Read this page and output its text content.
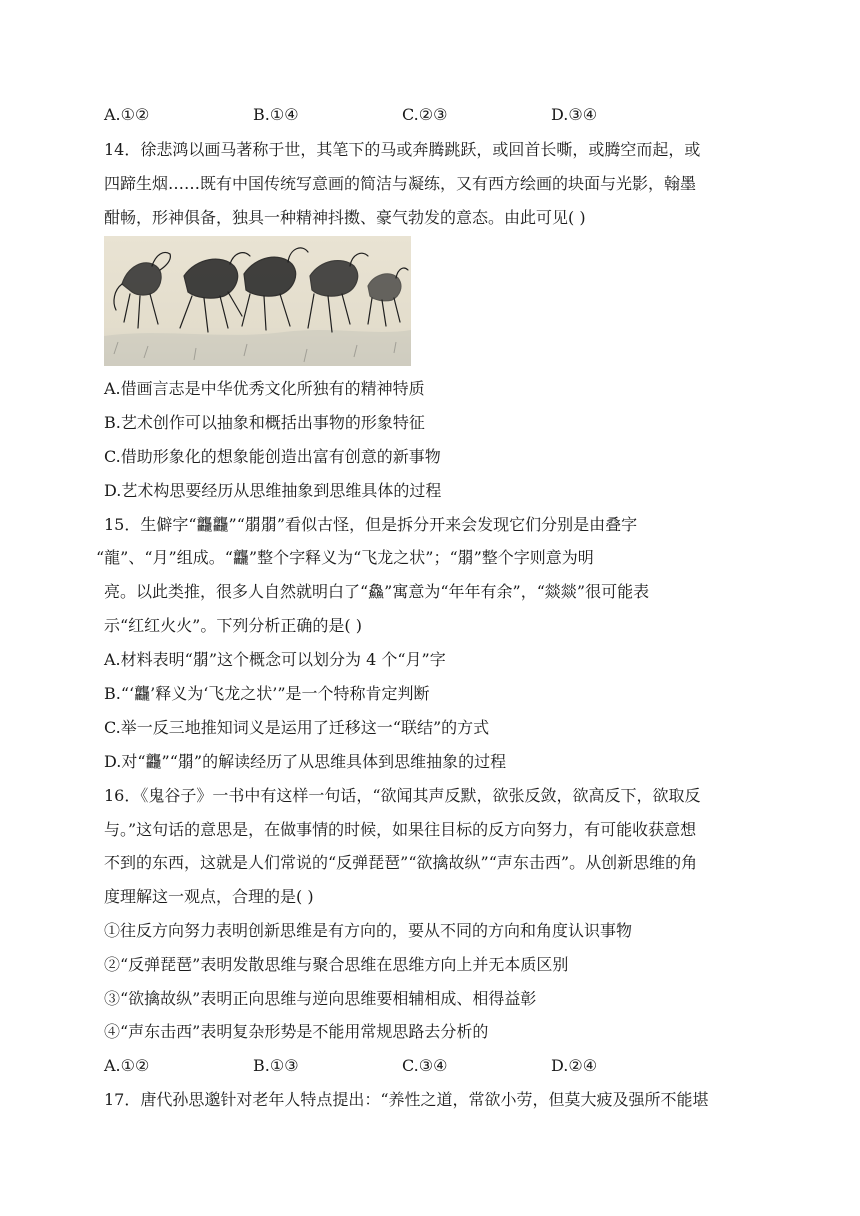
A.①②	B.①④	C.②③	D.③④
14．徐悲鸿以画马著称于世，其笔下的马或奔腾跳跃，或回首长嘶，或腾空而起，或
四蹄生烟……既有中国传统写意画的简洁与凝练，又有西方绘画的块面与光影，翰墨
酣畅，形神俱备，独具一种精神抖擞、豪气勃发的意态。由此可见( )
A.借画言志是中华优秀文化所独有的精神特质
B.艺术创作可以抽象和概括出事物的形象特征
C.借助形象化的想象能创造出富有创意的新事物
D.艺术构思要经历从思维抽象到思维具体的过程
15．生僻字“龘龘”“朤朤”看似古怪，但是拆分开来会发现它们分别是由叠字
“龍”、“月”组成。“龘”整个字释义为“飞龙之状”；“朤”整个字则意为明
亮。以此类推，很多人自然就明白了“鱻”寓意为“年年有余”，“燚燚”很可能表
示“红红火火”。下列分析正确的是( )
A.材料表明“朤”这个概念可以划分为 4 个“月”字
B.“‘龘’释义为‘飞龙之状’”是一个特称肯定判断
C.举一反三地推知词义是运用了迁移这一“联结”的方式
D.对“龘”“朤”的解读经历了从思维具体到思维抽象的过程
16．《鬼谷子》一书中有这样一句话，“欲闻其声反默，欲张反敛，欲高反下，欲取反
与。”这句话的意思是，在做事情的时候，如果往目标的反方向努力，有可能收获意想
不到的东西，这就是人们常说的“反弹琵琶”“欲擒故纵”“声东击西”。从创新思维的角
度理解这一观点，合理的是( )
①往反方向努力表明创新思维是有方向的，要从不同的方向和角度认识事物
②“反弹琵琶”表明发散思维与聚合思维在思维方向上并无本质区别
③“欲擒故纵”表明正向思维与逆向思维要相辅相成、相得益彰
④“声东击西”表明复杂形势是不能用常规思路去分析的
A.①②	B.①③	C.③④	D.②④
17．唐代孙思邈针对老年人特点提出：“养性之道，常欲小劳，但莫大疲及强所不能堪
